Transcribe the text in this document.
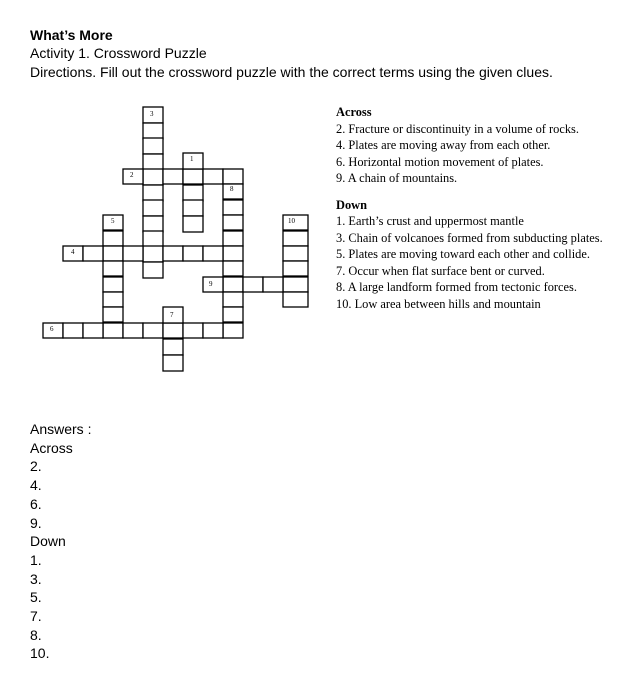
What’s More
Activity 1. Crossword Puzzle
Directions. Fill out the crossword puzzle with the correct terms using the given clues.
1
2
3
4
5
6
7
8
9
10
Across
2. Fracture or discontinuity in a volume of rocks.
4. Plates are moving away from each other.
6. Horizontal motion movement of plates.
9. A chain of mountains.
Down
1. Earth’s crust and uppermost mantle
3. Chain of volcanoes formed from subducting plates.
5. Plates are moving toward each other and collide.
7. Occur when flat surface bent or curved.
8. A large landform formed from tectonic forces.
10. Low area between hills and mountain
Answers :
Across
2.
4.
6.
9.
Down
1.
3.
5.
7.
8.
10.
